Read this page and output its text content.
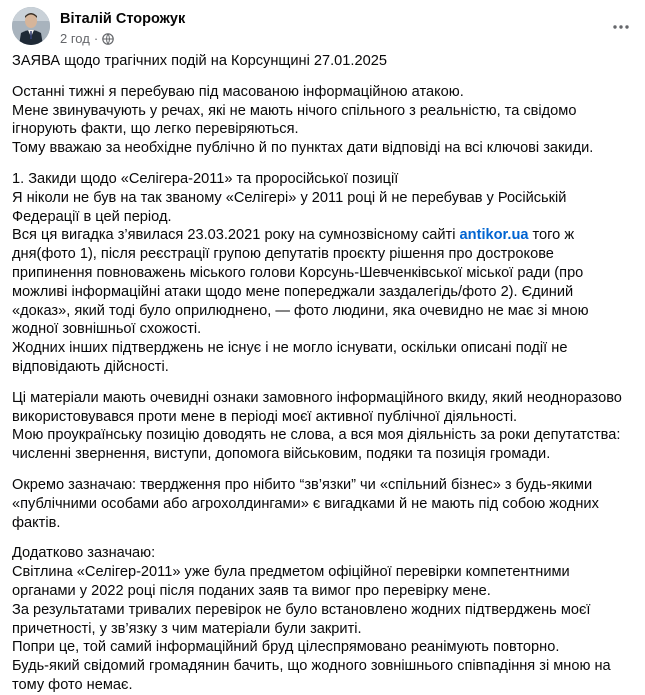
Віталій Сторожук
2 год ·

ЗАЯВА щодо трагічних подій на Корсунщині 27.01.2025

Останні тижні я перебуваю під масованою інформаційною атакою.

Мене звинувачують у речах, які не мають нічого спільного з реальністю, та свідомо ігнорують факти, що легко перевіряються.

Тому вважаю за необхідне публічно й по пунктах дати відповіді на всі ключові закиди.

1. Закиди щодо «Селігера-2011» та проросійської позиції

Я ніколи не був на так званому «Селігері» у 2011 році й не перебував у Російській Федерації в цей період.

Вся ця вигадка з’явилася 23.03.2021 року на сумнозвісному сайті antikor.ua того ж дня(фото 1), після реєстрації групою депутатів проєкту рішення про дострокове припинення повноважень міського голови Корсунь-Шевченківської міської ради (про можливі інформаційні атаки щодо мене попереджали заздалегідь/фото 2). Єдиний «доказ», який тоді було оприлюднено, — фото людини, яка очевидно не має зі мною жодної зовнішньої схожості.

Жодних інших підтверджень не існує і не могло існувати, оскільки описані події не відповідають дійсності.

Ці матеріали мають очевидні ознаки замовного інформаційного вкиду, який неодноразово використовувався проти мене в періоді моєї активної публічної діяльності.

Мою проукраїнську позицію доводять не слова, а вся моя діяльність за роки депутатства: численні звернення, виступи, допомога військовим, подяки та позиція громади.

Окремо зазначаю: твердження про нібито “зв’язки” чи «спільний бізнес» з будь-якими «публічними особами або агрохолдингами» є вигадками й не мають під собою жодних фактів.

Додатково зазначаю:

Світлина «Селігер-2011» уже була предметом офіційної перевірки компетентними органами у 2022 році після поданих заяв та вимог про перевірку мене.

За результатами тривалих перевірок не було встановлено жодних підтверджень моєї причетності, у зв’язку з чим матеріали були закриті.

Попри це, той самий інформаційний бруд цілеспрямовано реанімують повторно.

Будь-який свідомий громадянин бачить, що жодного зовнішнього співпадіння зі мною на тому фото немає.
